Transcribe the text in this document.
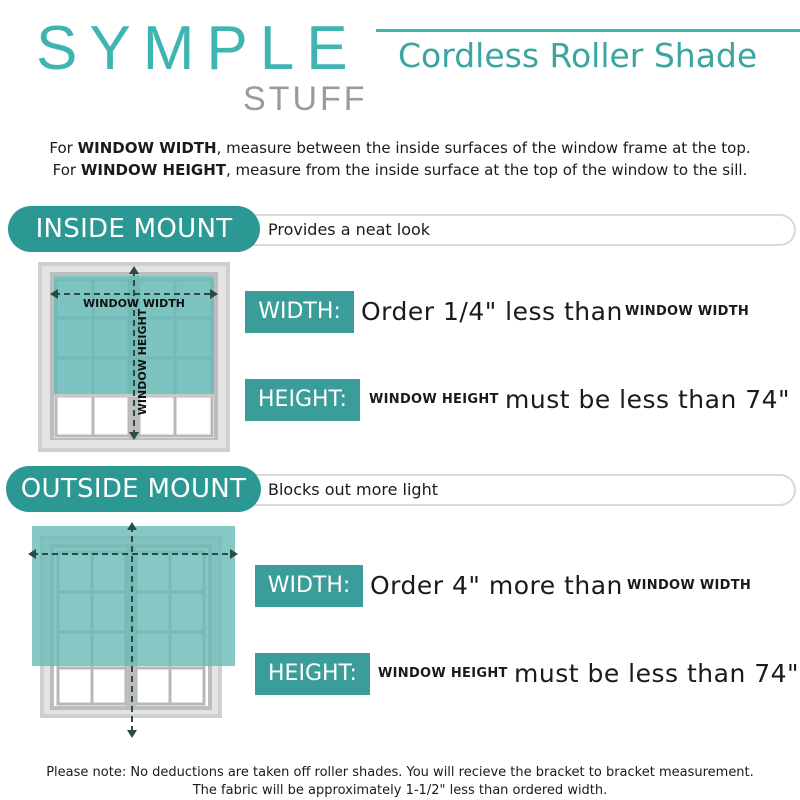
SYMPLE
STUFF
Cordless Roller Shade
For WINDOW WIDTH, measure between the inside surfaces of the window frame at the top.
For WINDOW HEIGHT, measure from the inside surface at the top of the window to the sill.
Provides a neat look
INSIDE MOUNT
WINDOW WIDTH
WINDOW HEIGHT	WIDTH: Order 1/4" less than WINDOW WIDTH
HEIGHT:	WINDOW HEIGHT must be less than 74"
Blocks out more light
OUTSIDE MOUNT
WIDTH: Order 4" more than WINDOW WIDTH
HEIGHT:	WINDOW HEIGHT must be less than 74"
Please note: No deductions are taken off roller shades. You will recieve the bracket to bracket measurement.
The fabric will be approximately 1-1/2" less than ordered width.
